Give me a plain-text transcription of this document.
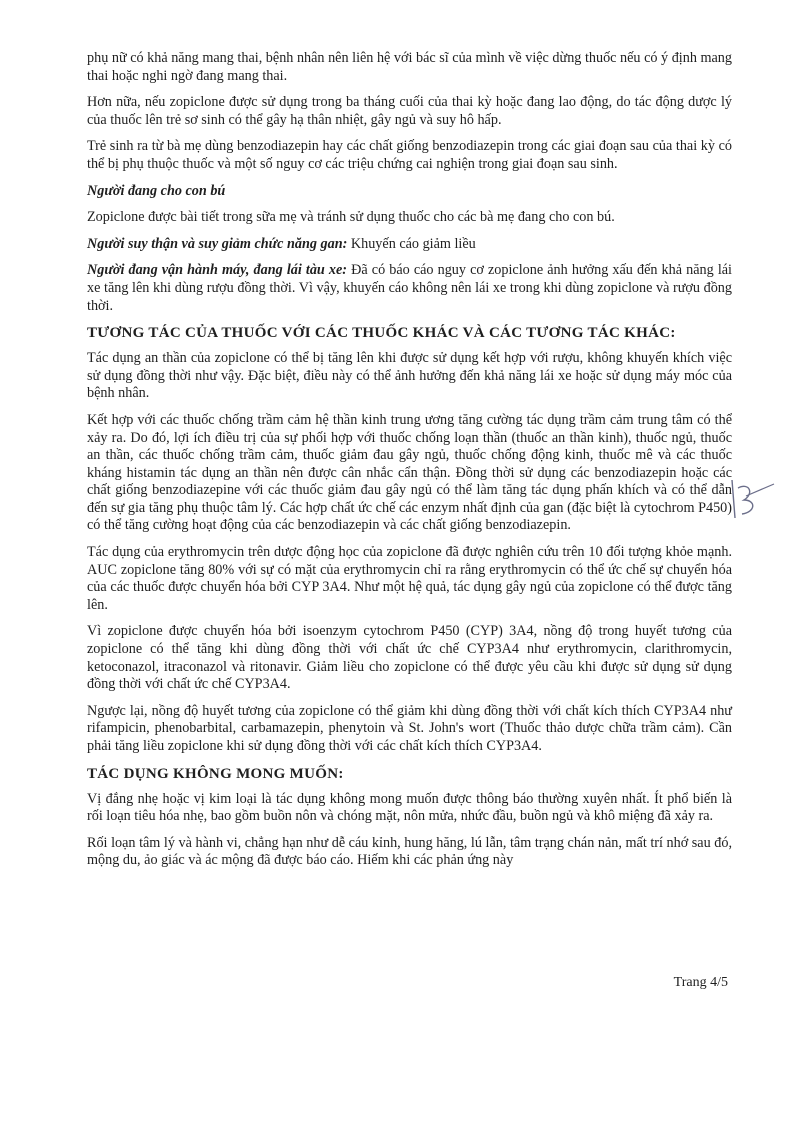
phụ nữ có khả năng mang thai, bệnh nhân nên liên hệ với bác sĩ của mình về việc dừng thuốc nếu có ý định mang thai hoặc nghi ngờ đang mang thai.

Hơn nữa, nếu zopiclone được sử dụng trong ba tháng cuối của thai kỳ hoặc đang lao động, do tác động dược lý của thuốc lên trẻ sơ sinh có thể gây hạ thân nhiệt, gây ngủ và suy hô hấp.

Trẻ sinh ra từ bà mẹ dùng benzodiazepin hay các chất giống benzodiazepin trong các giai đoạn sau của thai kỳ có thể bị phụ thuộc thuốc và một số nguy cơ các triệu chứng cai nghiện trong giai đoạn sau sinh.

Người đang cho con bú

Zopiclone được bài tiết trong sữa mẹ và tránh sử dụng thuốc cho các bà mẹ đang cho con bú.

Người suy thận và suy giảm chức năng gan: Khuyến cáo giảm liều

Người đang vận hành máy, đang lái tàu xe: Đã có báo cáo nguy cơ zopiclone ảnh hưởng xấu đến khả năng lái xe tăng lên khi dùng rượu đồng thời. Vì vậy, khuyến cáo không nên lái xe trong khi dùng zopiclone và rượu đồng thời.

TƯƠNG TÁC CỦA THUỐC VỚI CÁC THUỐC KHÁC VÀ CÁC TƯƠNG TÁC KHÁC:

Tác dụng an thần của zopiclone có thể bị tăng lên khi được sử dụng kết hợp với rượu, không khuyến khích việc sử dụng đồng thời như vậy. Đặc biệt, điều này có thể ảnh hưởng đến khả năng lái xe hoặc sử dụng máy móc của bệnh nhân.

Kết hợp với các thuốc chống trầm cảm hệ thần kinh trung ương tăng cường tác dụng trầm cảm trung tâm có thể xảy ra. Do đó, lợi ích điều trị của sự phối hợp với thuốc chống loạn thần (thuốc an thần kinh), thuốc ngủ, thuốc an thần, các thuốc chống trầm cảm, thuốc giảm đau gây ngủ, thuốc chống động kinh, thuốc mê và các thuốc kháng histamin tác dụng an thần nên được cân nhắc cẩn thận. Đồng thời sử dụng các benzodiazepin hoặc các chất giống benzodiazepine với các thuốc giảm đau gây ngủ có thể làm tăng tác dụng phấn khích và có thể dẫn đến sự gia tăng phụ thuộc tâm lý. Các hợp chất ức chế các enzym nhất định của gan (đặc biệt là cytochrom P450) có thể tăng cường hoạt động của các benzodiazepin và các chất giống benzodiazepin.

Tác dụng của erythromycin trên dược động học của zopiclone đã được nghiên cứu trên 10 đối tượng khỏe mạnh. AUC zopiclone tăng 80% với sự có mặt của erythromycin chỉ ra rằng erythromycin có thể ức chế sự chuyển hóa của các thuốc được chuyển hóa bởi CYP 3A4. Như một hệ quả, tác dụng gây ngủ của zopiclone có thể được tăng lên.

Vì zopiclone được chuyển hóa bởi isoenzym cytochrom P450 (CYP) 3A4, nồng độ trong huyết tương của zopiclone có thể tăng khi dùng đồng thời với chất ức chế CYP3A4 như erythromycin, clarithromycin, ketoconazol, itraconazol và ritonavir. Giảm liều cho zopiclone có thể được yêu cầu khi được sử dụng sử dụng đồng thời với chất ức chế CYP3A4.

Ngược lại, nồng độ huyết tương của zopiclone có thể giảm khi dùng đồng thời với chất kích thích CYP3A4 như rifampicin, phenobarbital, carbamazepin, phenytoin và St. John's wort (Thuốc thảo dược chữa trầm cảm). Cần phải tăng liều zopiclone khi sử dụng đồng thời với các chất kích thích CYP3A4.

TÁC DỤNG KHÔNG MONG MUỐN:

Vị đắng nhẹ hoặc vị kim loại là tác dụng không mong muốn được thông báo thường xuyên nhất. Ít phổ biến là rối loạn tiêu hóa nhẹ, bao gồm buồn nôn và chóng mặt, nôn mửa, nhức đầu, buồn ngủ và khô miệng đã xảy ra.

Rối loạn tâm lý và hành vi, chẳng hạn như dễ cáu kỉnh, hung hăng, lú lẫn, tâm trạng chán nản, mất trí nhớ sau đó, mộng du, ảo giác và ác mộng đã được báo cáo. Hiếm khi các phản ứng này

Trang 4/5
